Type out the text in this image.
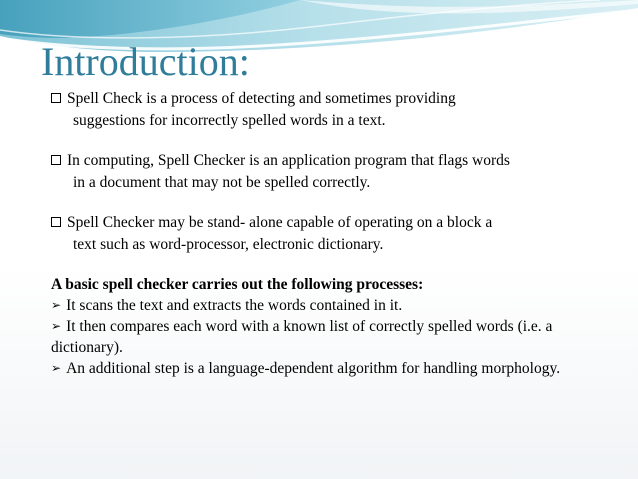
Introduction:
Spell Check is a process of detecting and sometimes providing
suggestions for incorrectly spelled words in a text.
In computing, Spell Checker is an application program that flags words
in a document that may not be spelled correctly.
Spell Checker may be stand- alone capable of operating on a block a
text such as word-processor, electronic dictionary.
A basic spell checker carries out the following processes:
➢ It scans the text and extracts the words contained in it.
➢ It then compares each word with a known list of correctly spelled words (i.e. a dictionary).
➢ An additional step is a language-dependent algorithm for handling morphology.
